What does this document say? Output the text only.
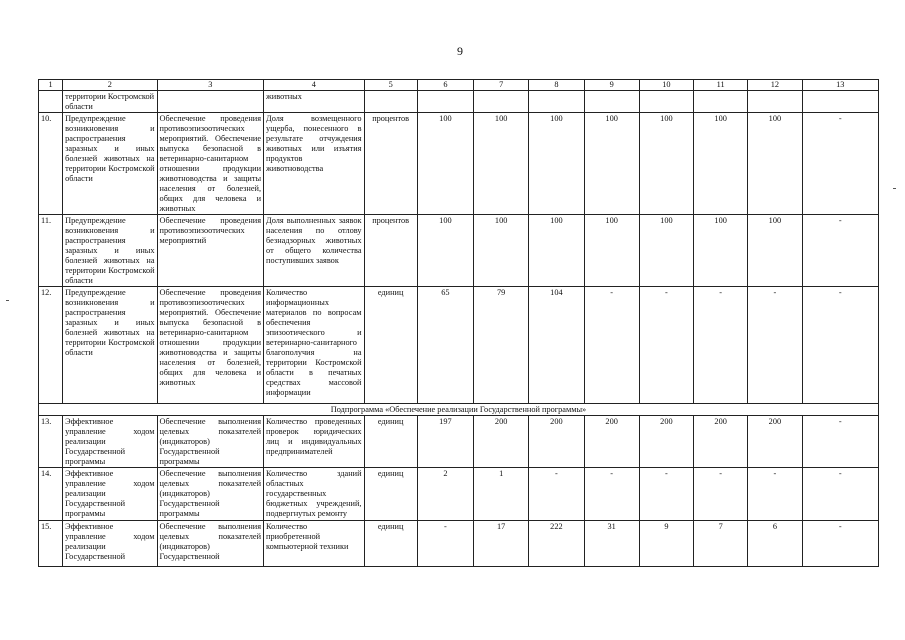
9
1	2	3	4	5	6	7	8	9	10	11	12	13
	территории Костромской области		животных									
10.	Предупреждение возникновения и распространения заразных и иных болезней животных на территории Костромской области	Обеспечение проведения противоэпизоотических мероприятий. Обеспечение выпуска безопасной в ветеринарно-санитарном отношении продукции животноводства и защиты населения от болезней, общих для человека и животных	Доля возмещенного ущерба, понесенного в результате отчуждения животных или изъятия продуктов животноводства	процентов	100	100	100	100	100	100	100	-
11.	Предупреждение возникновения и распространения заразных и иных болезней животных на территории Костромской области	Обеспечение проведения противоэпизоотических мероприятий	Доля выполненных заявок населения по отлову безнадзорных животных от общего количества поступивших заявок	процентов	100	100	100	100	100	100	100	-
12.	Предупреждение возникновения и распространения заразных и иных болезней животных на территории Костромской области	Обеспечение проведения противоэпизоотических мероприятий. Обеспечение выпуска безопасной в ветеринарно-санитарном отношении продукции животноводства и защиты населения от болезней, общих для человека и животных	Количество информационных материалов по вопросам обеспечения эпизоотического и ветеринарно-санитарного благополучия на территории Костромской области в печатных средствах массовой информации	единиц	65	79	104	-	-	-	-	-
Подпрограмма «Обеспечение реализации Государственной программы»												
13.	Эффективное управление ходом реализации Государственной программы	Обеспечение выполнения целевых показателей (индикаторов) Государственной программы	Количество проведенных проверок юридических лиц и индивидуальных предпринимателей	единиц	197	200	200	200	200	200	200	-
14.	Эффективное управление ходом реализации Государственной программы	Обеспечение выполнения целевых показателей (индикаторов) Государственной программы	Количество зданий областных государственных бюджетных учреждений, подвергнутых ремонту	единиц	2	1	-	-	-	-	-	-
15.	Эффективное управление ходом реализации Государственной	Обеспечение выполнения целевых показателей (индикаторов) Государственной	Количество приобретенной компьютерной техники	единиц	-	17	222	31	9	7	6	-
